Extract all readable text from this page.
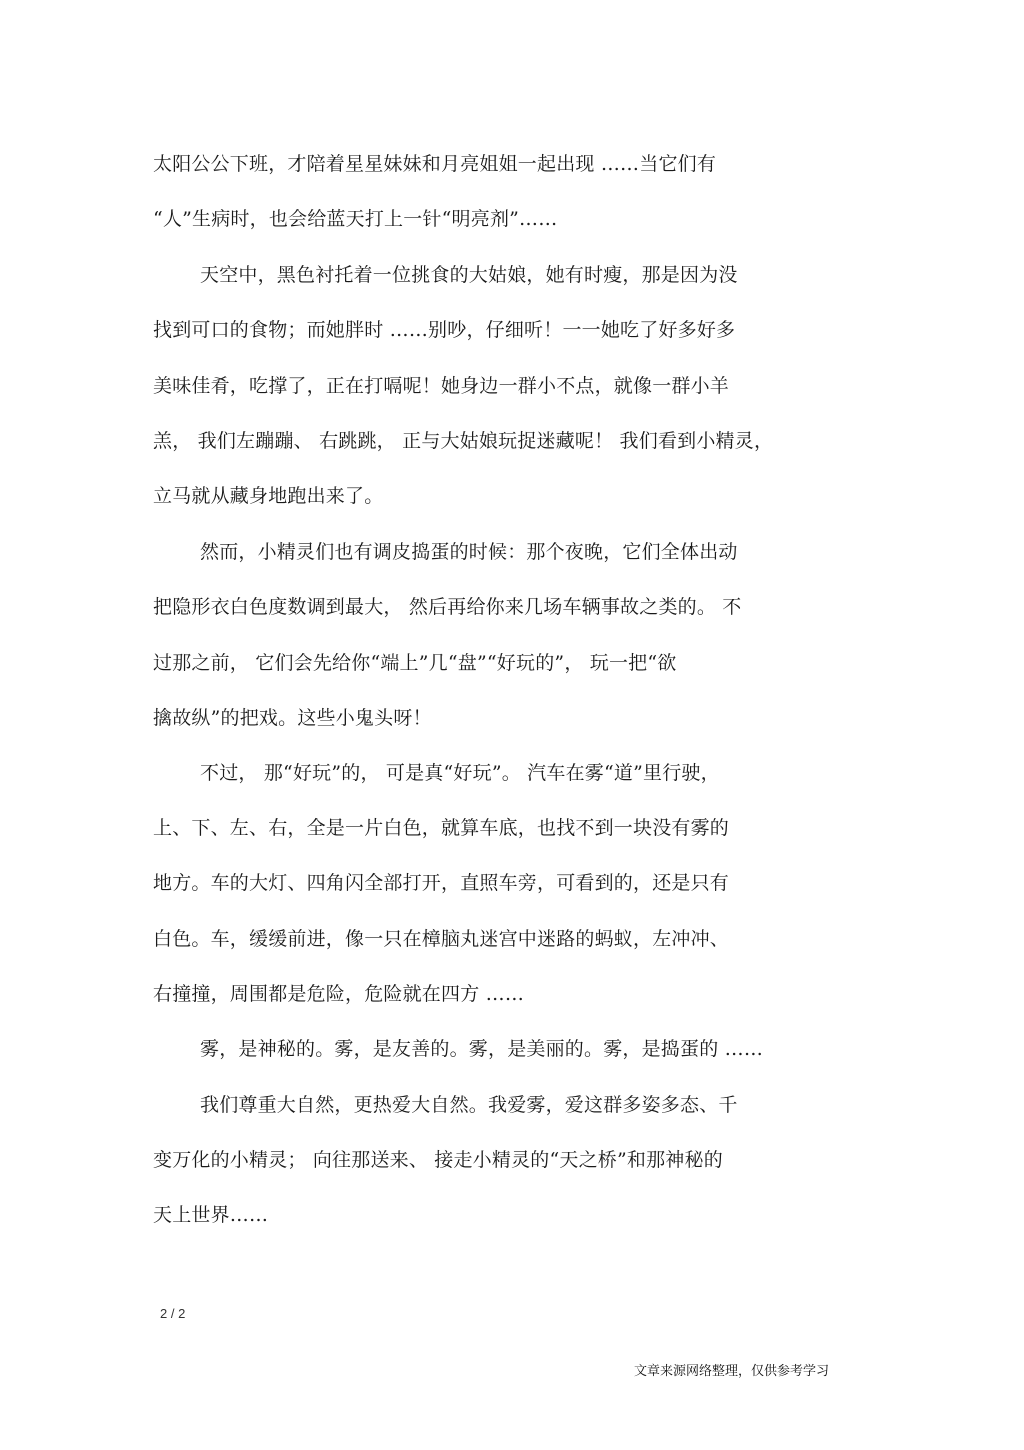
太阳公公下班，才陪着星星妹妹和月亮姐姐一起出现 ……当它们有
“人”生病时，也会给蓝天打上一针“明亮剂”……
天空中，黑色衬托着一位挑食的大姑娘，她有时瘦，那是因为没
找到可口的食物；而她胖时 ……别吵，仔细听！一一她吃了好多好多
美味佳肴，吃撑了，正在打嗝呢！她身边一群小不点，就像一群小羊
羔， 我们左蹦蹦、 右跳跳， 正与大姑娘玩捉迷藏呢！ 我们看到小精灵，
立马就从藏身地跑出来了。
然而，小精灵们也有调皮捣蛋的时候：那个夜晚，它们全体出动
把隐形衣白色度数调到最大， 然后再给你来几场车辆事故之类的。 不
过那之前， 它们会先给你“端上”几“盘”“好玩的”， 玩一把“欲
擒故纵”的把戏。这些小鬼头呀！
不过， 那“好玩”的， 可是真“好玩”。 汽车在雾“道”里行驶，
上、下、左、右，全是一片白色，就算车底，也找不到一块没有雾的
地方。车的大灯、四角闪全部打开，直照车旁，可看到的，还是只有
白色。车，缓缓前进，像一只在樟脑丸迷宫中迷路的蚂蚁，左冲冲、
右撞撞，周围都是危险，危险就在四方 ……
雾，是神秘的。雾，是友善的。雾，是美丽的。雾，是捣蛋的 ……
我们尊重大自然，更热爱大自然。我爱雾，爱这群多姿多态、千
变万化的小精灵； 向往那送来、 接走小精灵的“天之桥”和那神秘的
天上世界……
2 / 2
文章来源网络整理，仅供参考学习
